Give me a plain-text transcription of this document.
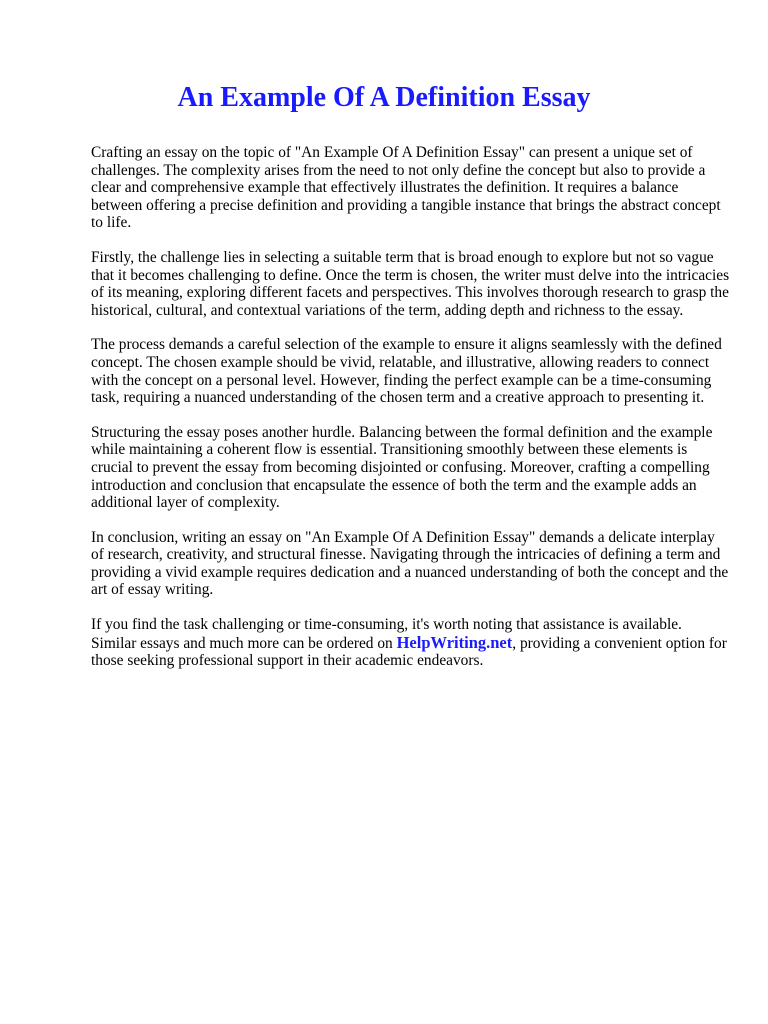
An Example Of A Definition Essay

Crafting an essay on the topic of "An Example Of A Definition Essay" can present a unique set of challenges. The complexity arises from the need to not only define the concept but also to provide a clear and comprehensive example that effectively illustrates the definition. It requires a balance between offering a precise definition and providing a tangible instance that brings the abstract concept to life.

Firstly, the challenge lies in selecting a suitable term that is broad enough to explore but not so vague that it becomes challenging to define. Once the term is chosen, the writer must delve into the intricacies of its meaning, exploring different facets and perspectives. This involves thorough research to grasp the historical, cultural, and contextual variations of the term, adding depth and richness to the essay.

The process demands a careful selection of the example to ensure it aligns seamlessly with the defined concept. The chosen example should be vivid, relatable, and illustrative, allowing readers to connect with the concept on a personal level. However, finding the perfect example can be a time-consuming task, requiring a nuanced understanding of the chosen term and a creative approach to presenting it.

Structuring the essay poses another hurdle. Balancing between the formal definition and the example while maintaining a coherent flow is essential. Transitioning smoothly between these elements is crucial to prevent the essay from becoming disjointed or confusing. Moreover, crafting a compelling introduction and conclusion that encapsulate the essence of both the term and the example adds an additional layer of complexity.

In conclusion, writing an essay on "An Example Of A Definition Essay" demands a delicate interplay of research, creativity, and structural finesse. Navigating through the intricacies of defining a term and providing a vivid example requires dedication and a nuanced understanding of both the concept and the art of essay writing.

If you find the task challenging or time-consuming, it's worth noting that assistance is available. Similar essays and much more can be ordered on HelpWriting.net, providing a convenient option for those seeking professional support in their academic endeavors.
